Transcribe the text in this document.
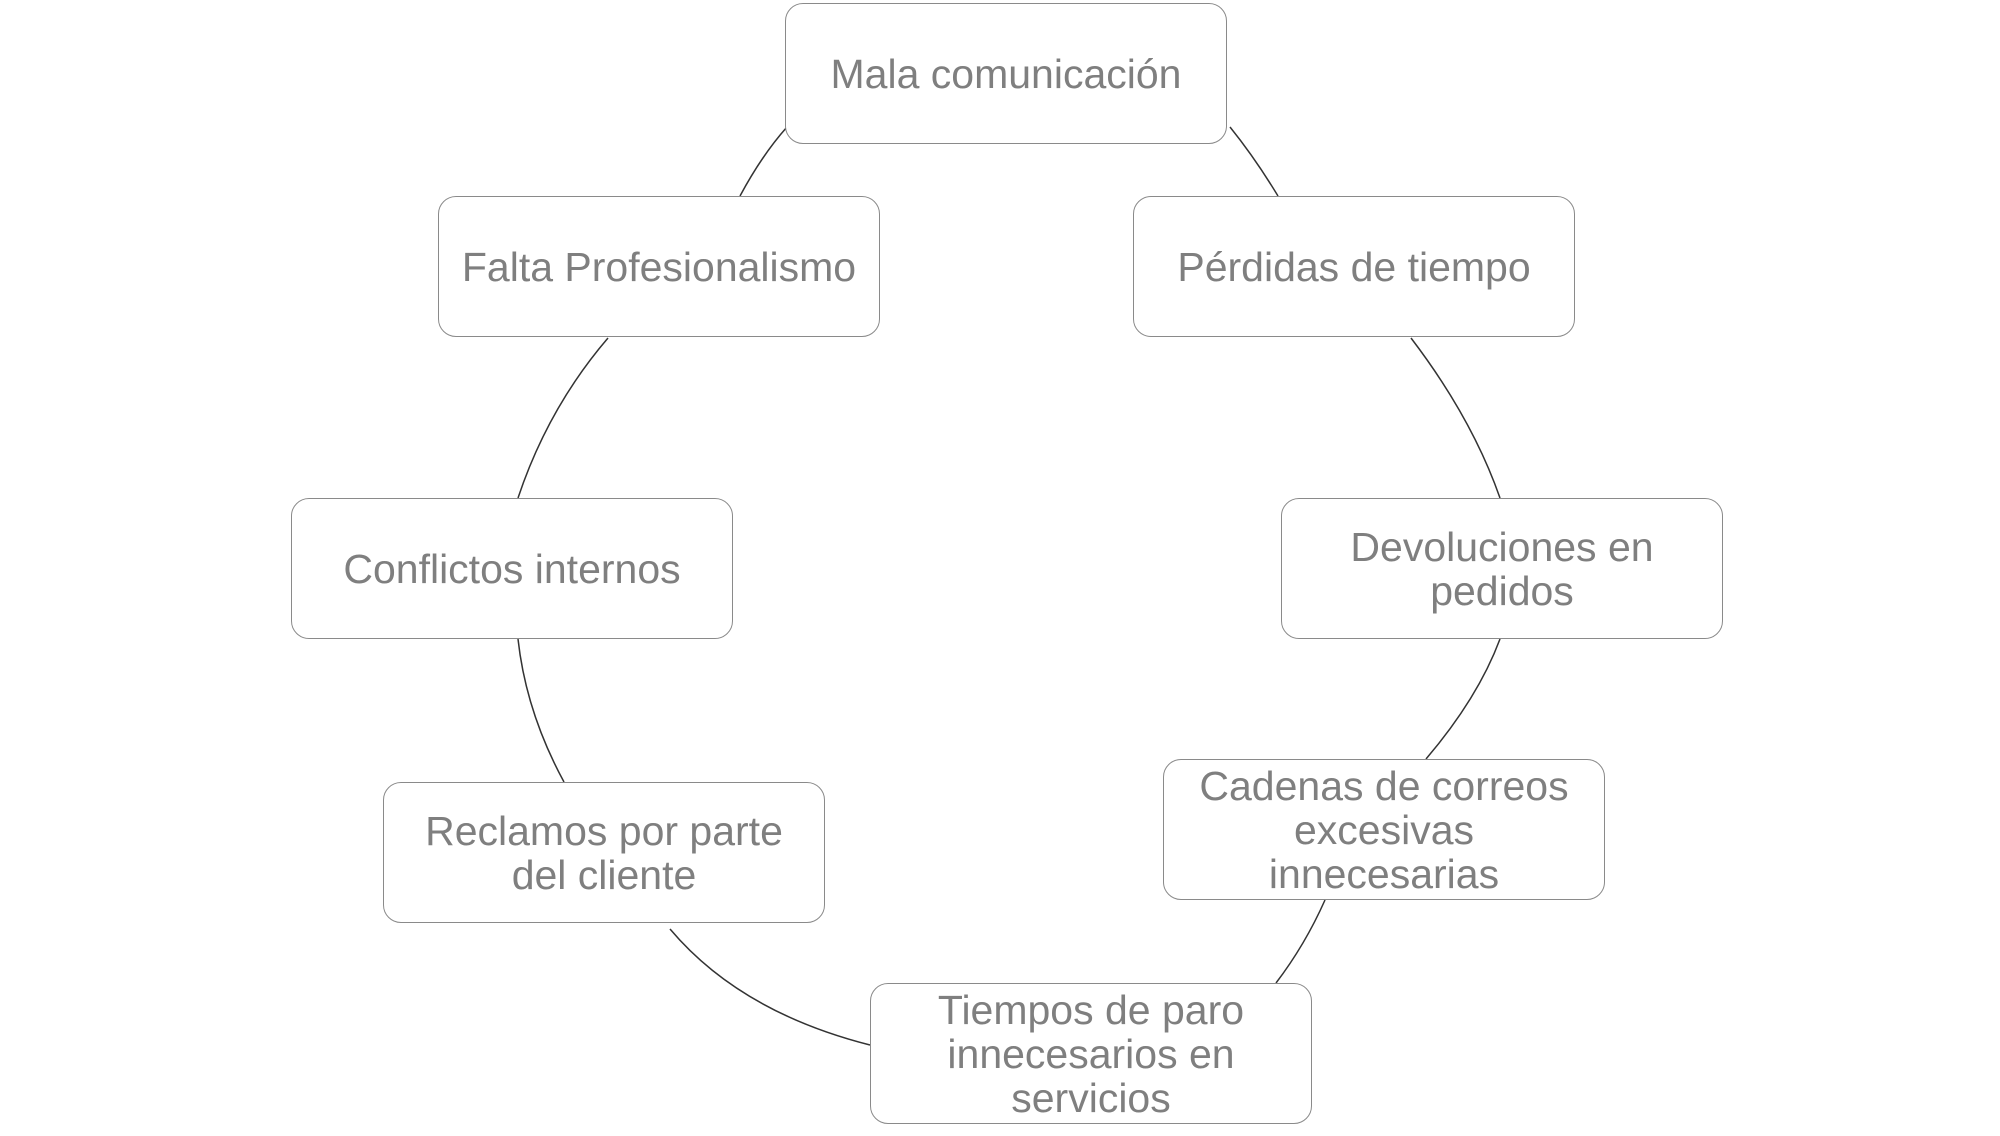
Mala comunicación
Pérdidas de tiempo
Devoluciones en pedidos
Cadenas de correos excesivas innecesarias
Tiempos de paro innecesarios en servicios
Reclamos por parte del cliente
Conflictos internos
Falta Profesionalismo
